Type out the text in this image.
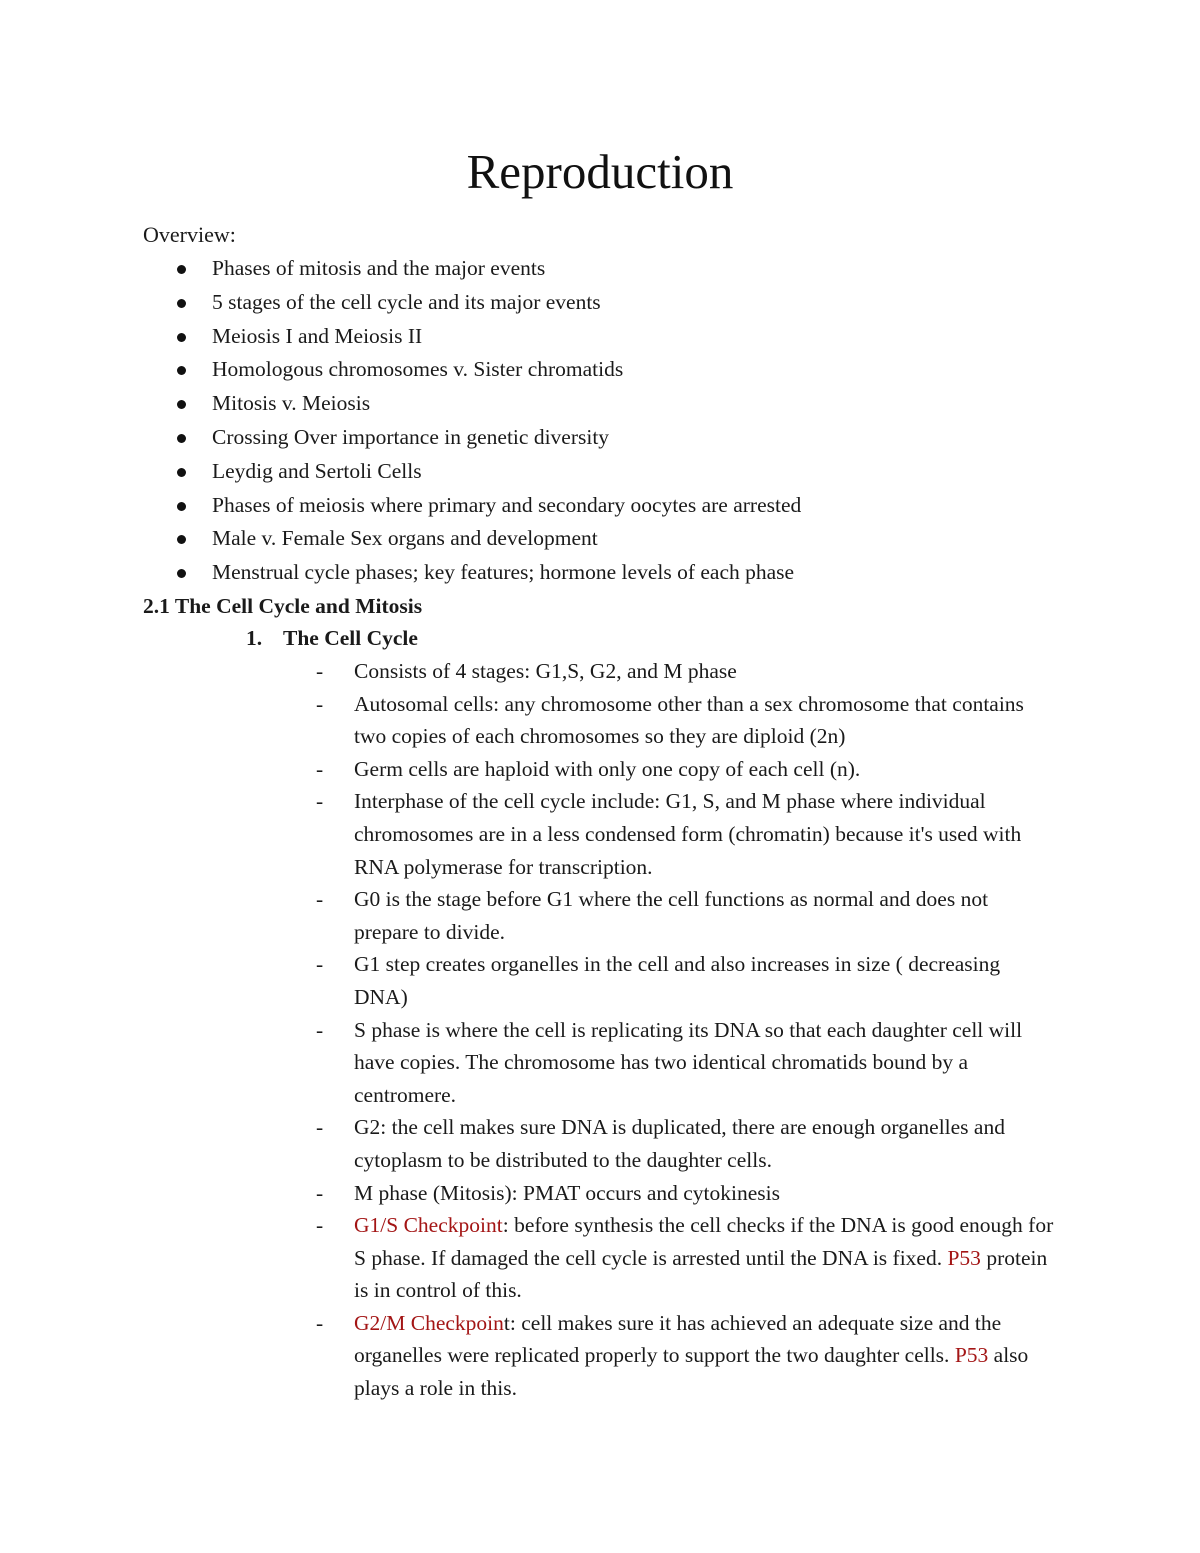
Reproduction
Overview:
Phases of mitosis and the major events
5 stages of the cell cycle and its major events
Meiosis I and Meiosis II
Homologous chromosomes v. Sister chromatids
Mitosis v. Meiosis
Crossing Over importance in genetic diversity
Leydig and Sertoli Cells
Phases of meiosis where primary and secondary oocytes are arrested
Male v. Female Sex organs and development
Menstrual cycle phases; key features; hormone levels of each phase
2.1 The Cell Cycle and Mitosis
1. The Cell Cycle
- Consists of 4 stages: G1,S, G2, and M phase
- Autosomal cells: any chromosome other than a sex chromosome that contains two copies of each chromosomes so they are diploid (2n)
- Germ cells are haploid with only one copy of each cell (n).
- Interphase of the cell cycle include: G1, S, and M phase where individual chromosomes are in a less condensed form (chromatin) because it's used with RNA polymerase for transcription.
- G0 is the stage before G1 where the cell functions as normal and does not prepare to divide.
- G1 step creates organelles in the cell and also increases in size ( decreasing DNA)
- S phase is where the cell is replicating its DNA so that each daughter cell will have copies. The chromosome has two identical chromatids bound by a centromere.
- G2: the cell makes sure DNA is duplicated, there are enough organelles and cytoplasm to be distributed to the daughter cells.
- M phase (Mitosis): PMAT occurs and cytokinesis
- G1/S Checkpoint: before synthesis the cell checks if the DNA is good enough for S phase. If damaged the cell cycle is arrested until the DNA is fixed. P53 protein is in control of this.
- G2/M Checkpoint: cell makes sure it has achieved an adequate size and the organelles were replicated properly to support the two daughter cells. P53 also plays a role in this.
